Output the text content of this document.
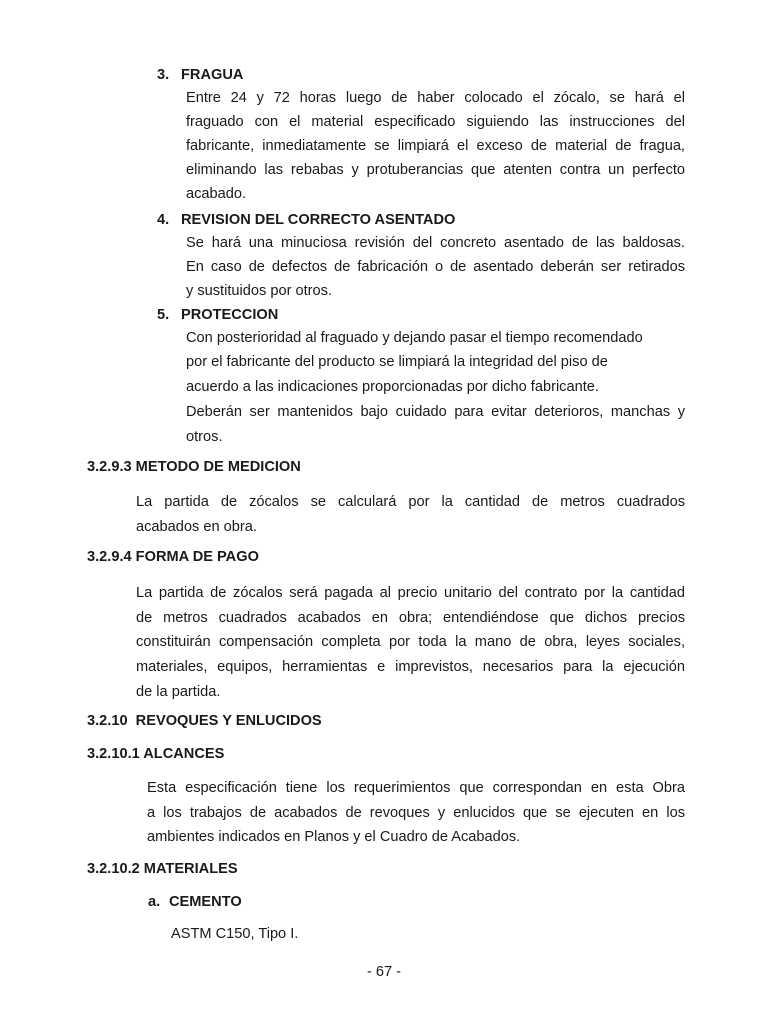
3. FRAGUA
Entre 24 y 72 horas luego de haber colocado el zócalo, se hará el
fraguado con el material especificado siguiendo las instrucciones del
fabricante, inmediatamente se limpiará el exceso de material de fragua,
eliminando las rebabas y protuberancias que atenten contra un perfecto
acabado.
4. REVISION DEL CORRECTO ASENTADO
Se hará una minuciosa revisión del concreto asentado de las baldosas.
En caso de defectos de fabricación o de asentado deberán ser retirados
y sustituidos por otros.
5. PROTECCION
Con posterioridad al fraguado y dejando pasar el tiempo recomendado
por el fabricante del producto se limpiará la integridad del piso de
acuerdo a las indicaciones proporcionadas por dicho fabricante.
Deberán ser mantenidos bajo cuidado para evitar deterioros, manchas y
otros.
3.2.9.3 METODO DE MEDICION
La partida de zócalos se calculará por la cantidad de metros cuadrados
acabados en obra.
3.2.9.4 FORMA DE PAGO
La partida de zócalos será pagada al precio unitario del contrato por la cantidad
de metros cuadrados acabados en obra; entendiéndose que dichos precios
constituirán compensación completa por toda la mano de obra, leyes sociales,
materiales, equipos, herramientas e imprevistos, necesarios para la ejecución
de la partida.
3.2.10  REVOQUES Y ENLUCIDOS
3.2.10.1 ALCANCES
Esta especificación tiene los requerimientos que correspondan en esta Obra
a los trabajos de acabados de revoques y enlucidos que se ejecuten en los
ambientes indicados en Planos y el Cuadro de Acabados.
3.2.10.2 MATERIALES
a. CEMENTO
ASTM C150, Tipo I.
- 67 -
